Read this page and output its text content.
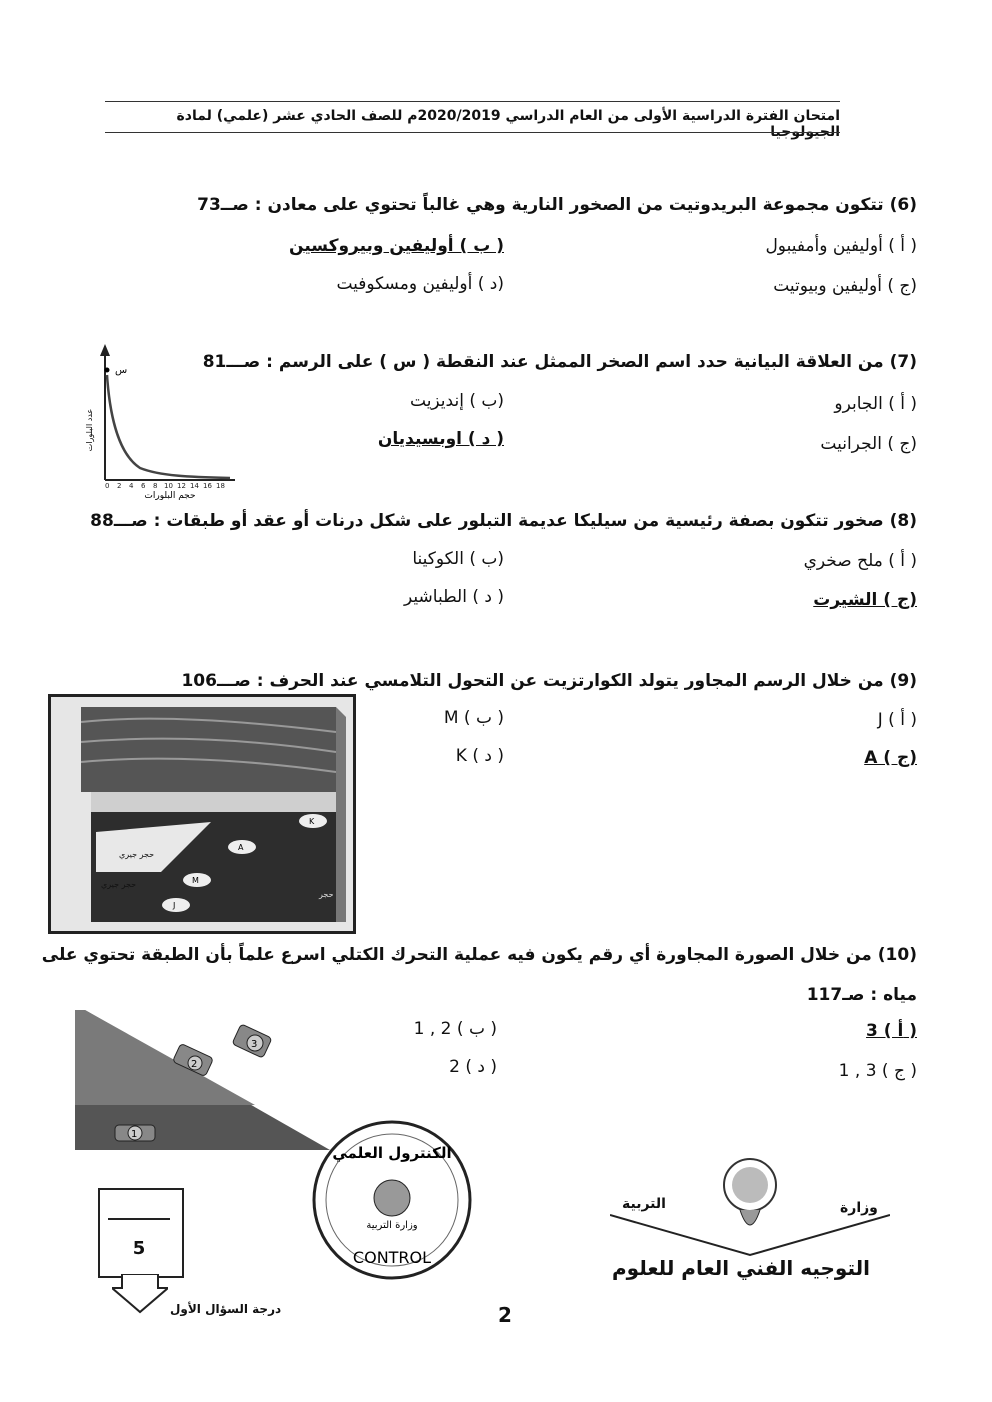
امتحان الفترة الدراسية الأولى من العام الدراسي 2020/2019م للصف الحادي عشر (علمي) لمادة الجيولوجيا
(6) تتكون مجموعة البريدوتيت من الصخور النارية وهي غالباً تحتوي على معادن : صــ73
( أ ) أوليفين وأمفيبول
( ب ) أوليفين وبيروكسين
(ج ) أوليفين وبيوتيت
(د ) أوليفين ومسكوفيت
(7) من العلاقة البيانية حدد اسم الصخر الممثل عند النقطة ( س ) على الرسم : صـــ81
( أ ) الجابرو
(ب ) إنديزيت
(ج ) الجرانيت
( د ) اوبسيديان
س
عدد البلورات
0 2 4 6 8 10 12 14 16 18
حجم البلورات
(8) صخور تتكون بصفة رئيسية من سيليكا عديمة التبلور على شكل درنات أو عقد أو طبقات : صـــ88
( أ ) ملح صخري
(ب ) الكوكينا
(ج ) الشيرت
( د ) الطباشير
(9) من خلال الرسم المجاور يتولد الكوارتزيت عن التحول التلامسي عند الحرف : صـــ106
J ( أ )
M ( ب )
A ( ج)
K ( د )
K
A
M
J
حجر جيري
حجر جيري
حجر
(10) من خلال الصورة المجاورة أي رقم يكون فيه عملية التحرك الكتلي اسرع علماً بأن الطبقة تحتوي على
مياه : صـ117
3 ( أ )
1 , 2 ( ب )
1 , 3 ( ج )
2 ( د )
3
2
1
5
درجة السؤال الأول
الكنترول العلمي
وزارة التربية
CONTROL
2
وزارة
التربية
التوجيه الفني العام للعلوم
